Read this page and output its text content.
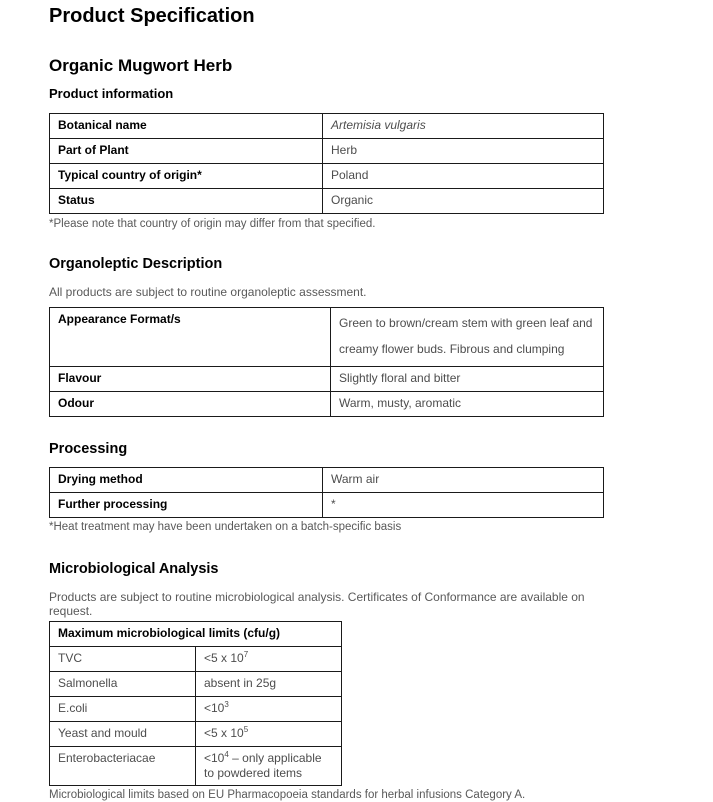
Product Specification
Organic Mugwort Herb
Product information
Botanical name	Artemisia vulgaris
Part of Plant	Herb
Typical country of origin*	Poland
Status	Organic

*Please note that country of origin may differ from that specified.

Organoleptic Description

All products are subject to routine organoleptic assessment.

Appearance Format/s	Green to brown/cream stem with green leaf and creamy flower buds. Fibrous and clumping
Flavour	Slightly floral and bitter
Odour	Warm, musty, aromatic
Processing
Drying method	Warm air
Further processing	*

*Heat treatment may have been undertaken on a batch-specific basis

Microbiological Analysis

Products are subject to routine microbiological analysis. Certificates of Conformance are available on request.

Maximum microbiological limits (cfu/g)	
TVC	<5 x $10^7$
Salmonella	absent in 25g
E.coli	$<10^3$
Yeast and mould	<5 x $10^5$
Enterobacteriacae	$<10^4$ – only applicable to powdered items

Microbiological limits based on EU Pharmacopoeia standards for herbal infusions Category A.
